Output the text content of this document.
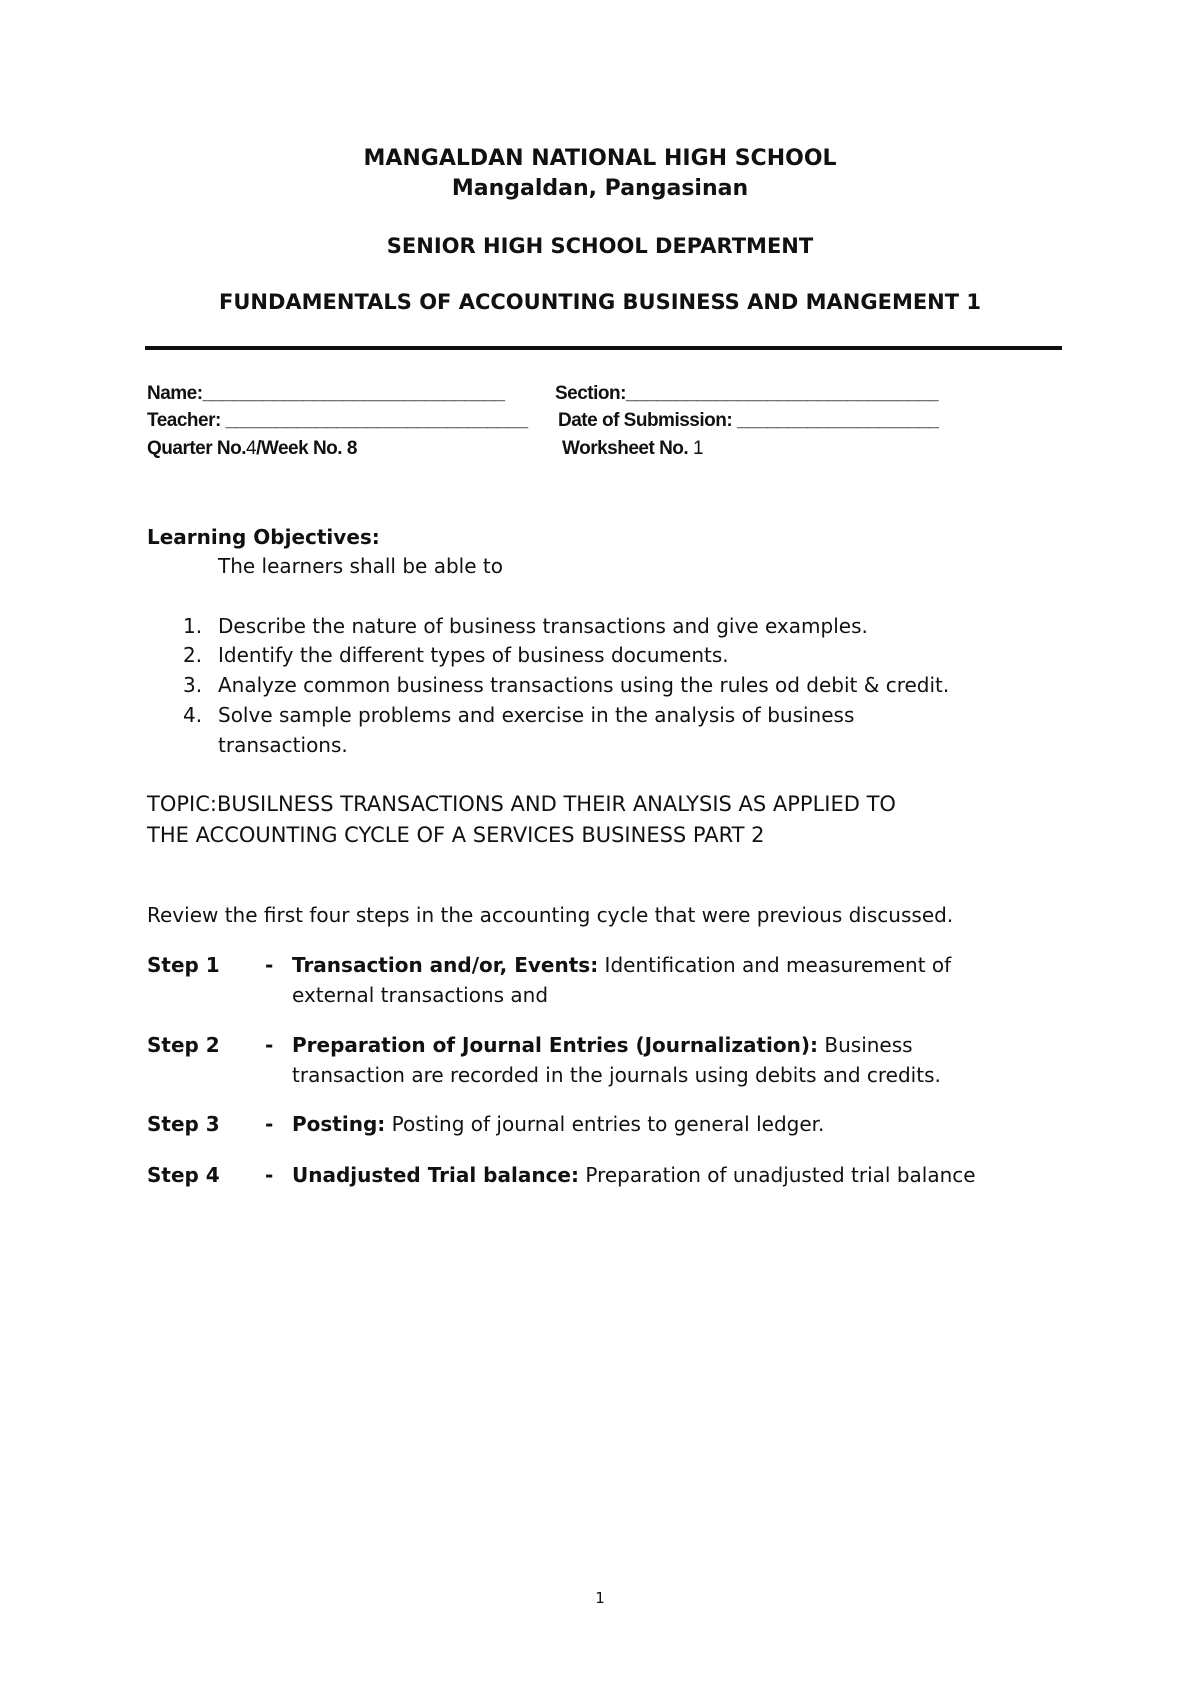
MANGALDAN NATIONAL HIGH SCHOOL
Mangaldan, Pangasinan
SENIOR HIGH SCHOOL DEPARTMENT
FUNDAMENTALS OF ACCOUNTING BUSINESS AND MANGEMENT 1
Name:______________________________	Section:_______________________________
Teacher: ______________________________ Date of Submission: ____________________
Quarter No.4/Week No. 8	Worksheet No. 1
Learning Objectives:
The learners shall be able to
1. Describe the nature of business transactions and give examples.
2. Identify the different types of business documents.
3. Analyze common business transactions using the rules od debit & credit.
4. Solve sample problems and exercise in the analysis of business
transactions.
TOPIC:BUSILNESS TRANSACTIONS AND THEIR ANALYSIS AS APPLIED TO
THE ACCOUNTING CYCLE OF A SERVICES BUSINESS PART 2
Review the first four steps in the accounting cycle that were previous discussed.
Step 1 - Transaction and/or, Events: Identification and measurement of
external transactions and
Step 2 - Preparation of Journal Entries (Journalization): Business
transaction are recorded in the journals using debits and credits.
Step 3 - Posting: Posting of journal entries to general ledger.
Step 4 - Unadjusted Trial balance: Preparation of unadjusted trial balance
1
